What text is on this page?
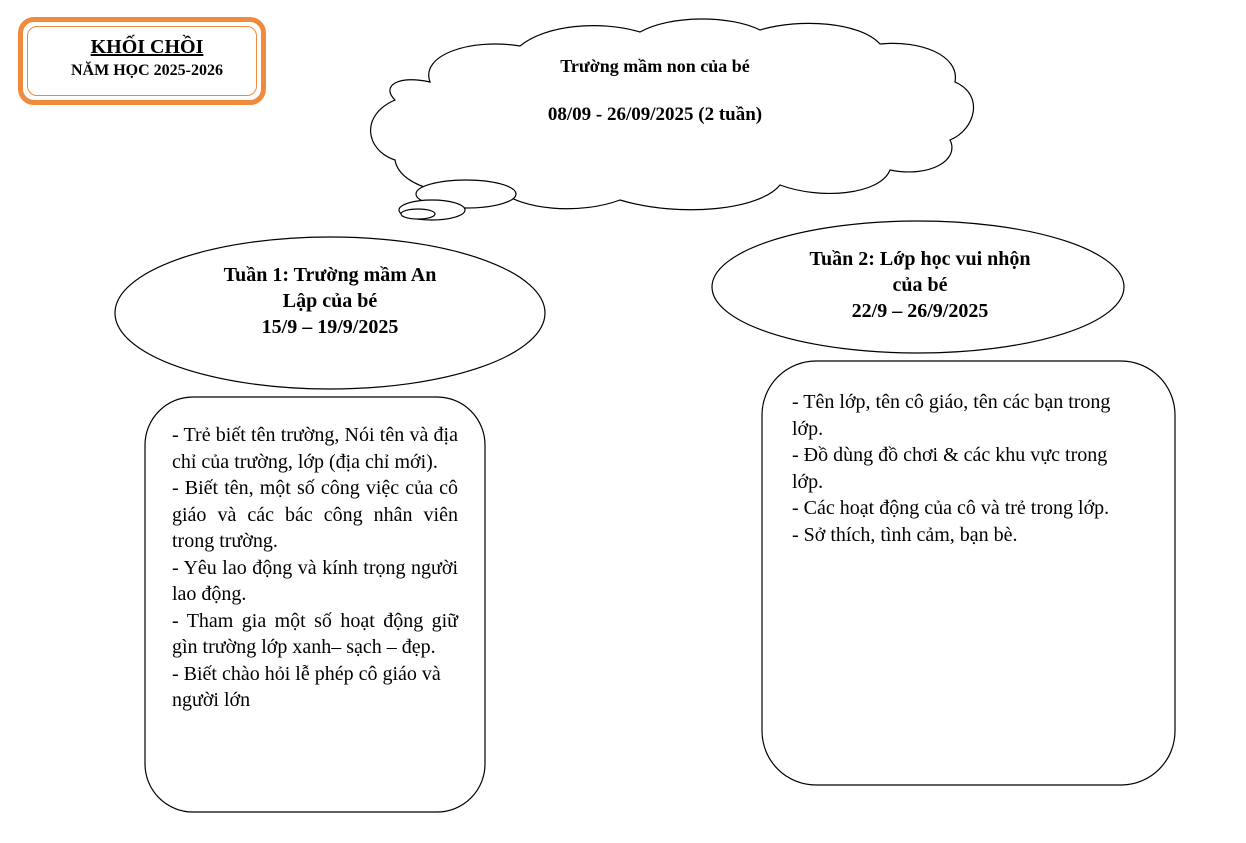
KHỐI CHỒI
NĂM HỌC 2025-2026	Trường mầm non của bé
08/09 - 26/09/2025 (2 tuần)
Tuần 1: Trường mầm An
Lập của bé
15/9 – 19/9/2025
Tuần 2: Lớp học vui nhộn
của bé
22/9 – 26/9/2025
- Trẻ biết tên trường, Nói tên và địa chỉ của trường, lớp (địa chỉ mới).
- Biết tên, một số công việc của cô giáo và các bác công nhân viên trong trường.
- Yêu lao động và kính trọng người lao động.
- Tham gia một số hoạt động giữ gìn trường lớp xanh– sạch – đẹp.
- Biết chào hỏi lễ phép cô giáo và người lớn
- Tên lớp, tên cô giáo, tên các bạn trong lớp.
- Đồ dùng đồ chơi & các khu vực trong lớp.
- Các hoạt động của cô và trẻ trong lớp.
- Sở thích, tình cảm, bạn bè.
